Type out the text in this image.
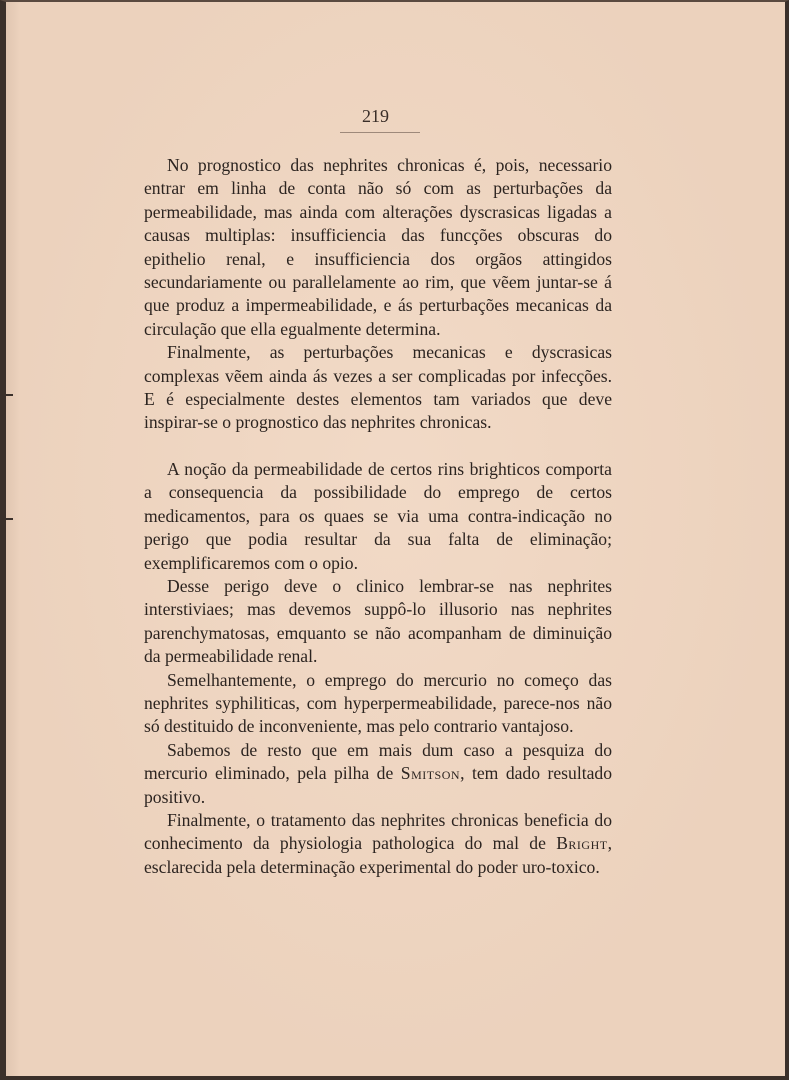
219

No prognostico das nephrites chronicas é, pois, necessario entrar em linha de conta não só com as perturbações da permeabilidade, mas ainda com alterações dyscrasicas ligadas a causas multiplas: insufficiencia das funcções obscuras do epithelio renal, e insufficiencia dos orgãos attingidos secundariamente ou parallelamente ao rim, que vẽem juntar-se á que produz a impermeabilidade, e ás perturbações mecanicas da circulação que ella egualmente determina.

Finalmente, as perturbações mecanicas e dyscrasicas complexas vẽem ainda ás vezes a ser complicadas por infecções. E é especialmente destes elementos tam variados que deve inspirar-se o prognostico das nephrites chronicas.

A noção da permeabilidade de certos rins brighticos comporta a consequencia da possibilidade do emprego de certos medicamentos, para os quaes se via uma contra-indicação no perigo que podia resultar da sua falta de eliminação; exemplificaremos com o opio.

Desse perigo deve o clinico lembrar-se nas nephrites interstiviaes; mas devemos suppô-lo illusorio nas nephrites parenchymatosas, emquanto se não acompanham de diminuição da permeabilidade renal.

Semelhantemente, o emprego do mercurio no começo das nephrites syphiliticas, com hyperpermeabilidade, parece-nos não só destituido de inconveniente, mas pelo contrario vantajoso.

Sabemos de resto que em mais dum caso a pesquiza do mercurio eliminado, pela pilha de Smitson, tem dado resultado positivo.

Finalmente, o tratamento das nephrites chronicas beneficia do conhecimento da physiologia pathologica do mal de Bright, esclarecida pela determinação experimental do poder uro-toxico.
